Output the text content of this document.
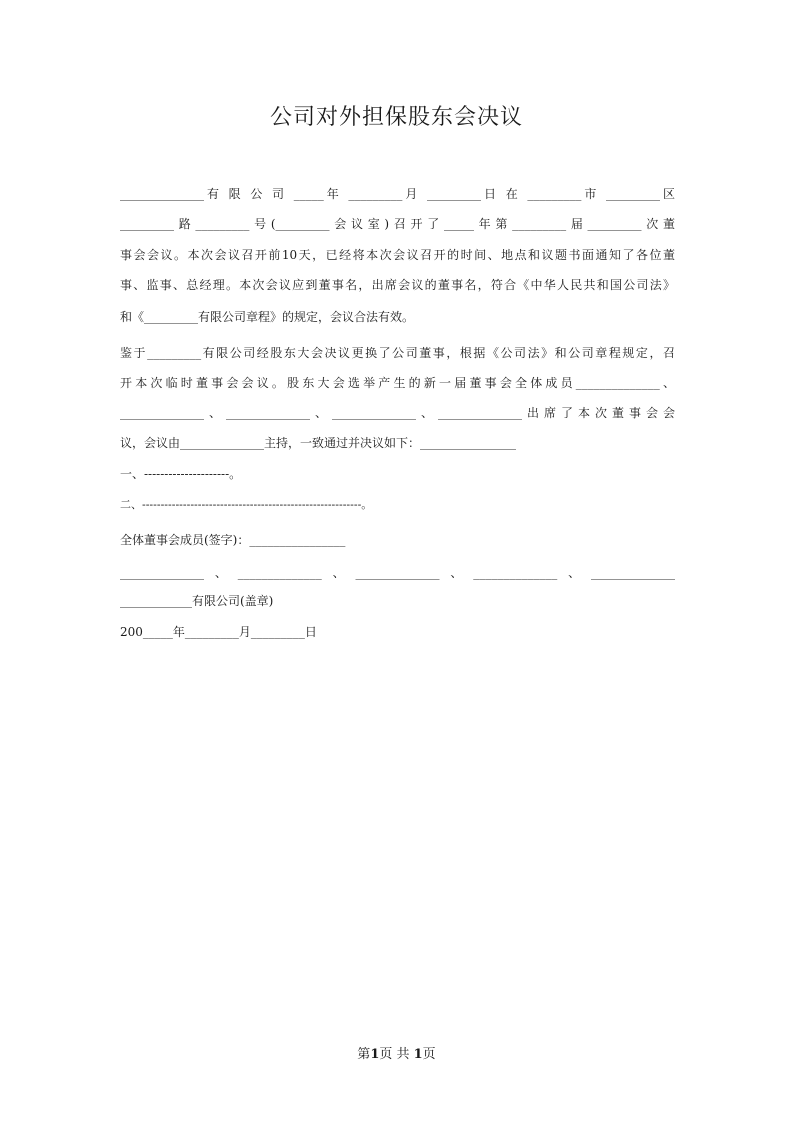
公司对外担保股东会决议
______________有 限 公 司 _____年 _________月 _________日 在 _________市 _________区
_________路_________号(_________会议室)召开了_____年第_________届_________次董
事会会议。本次会议召开前10天，已经将本次会议召开的时间、地点和议题书面通知了各位董
事、监事、总经理。本次会议应到董事名，出席会议的董事名，符合《中华人民共和国公司法》
和《_________有限公司章程》的规定，会议合法有效。
鉴于_________有限公司经股东大会决议更换了公司董事，根据《公司法》和公司章程规定，召
开本次临时董事会会议。股东大会选举产生的新一届董事会全体成员______________、
______________、______________、______________、______________出席了本次董事会会
议，会议由______________主持，一致通过并决议如下：________________
一、---------------------。
二、-----------------------------------------------------------。
全体董事会成员(签字)：________________
______________、______________、______________、______________、______________
____________有限公司(盖章)
200_____年_________月_________日
第1页 共 1页
